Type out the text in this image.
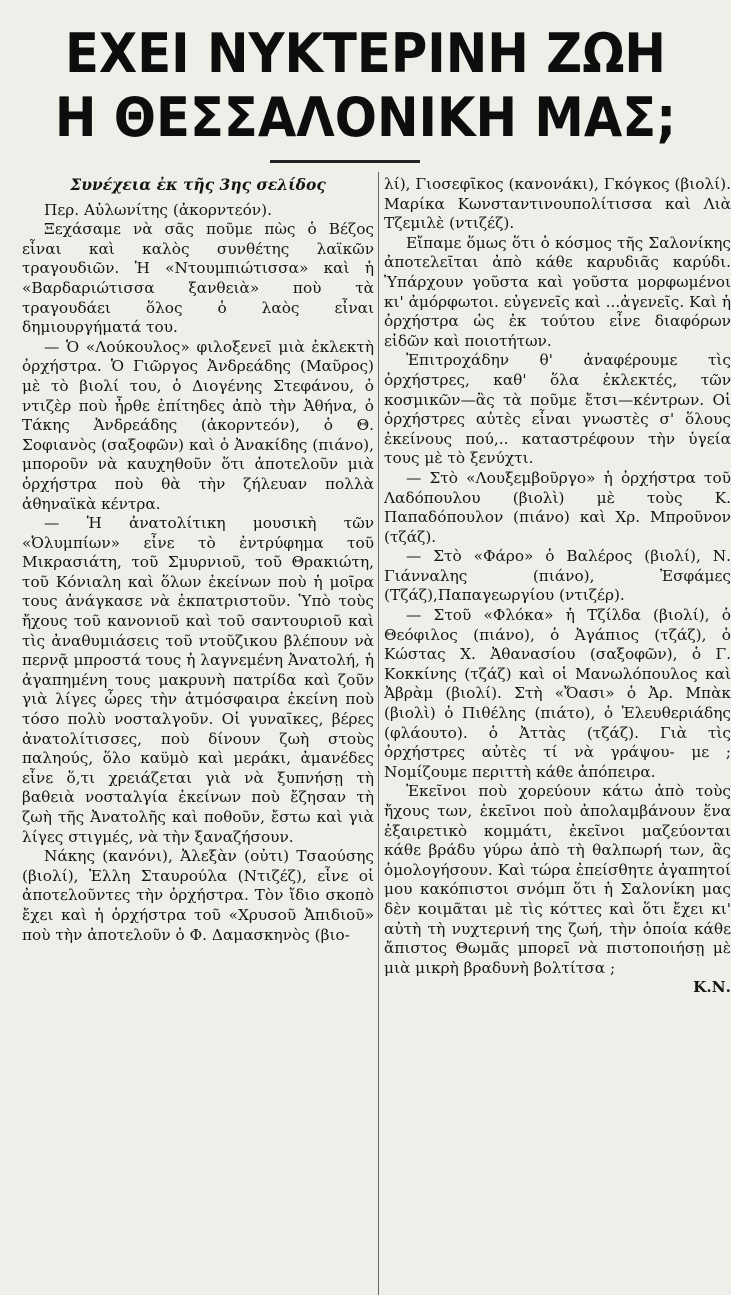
ΕΧΕΙ ΝΥΚΤΕΡΙΝΗ ΖΩΗ
Η ΘΕΣΣΑΛΟΝΙΚΗ ΜΑΣ;
Συνέχεια ἐκ τῆς 3ης σελίδος

Περ. Αὐλωνίτης (ἀκορντεόν).

Ξεχάσαμε νὰ σᾶς ποῦμε πὼς ὁ Βέζος εἶναι καὶ καλὸς συνθέτης λαϊκῶν τραγουδιῶν. Ἡ «Ντουμπιώτισσα» καὶ ἡ «Βαρδαριώτισσα ξανθειὰ» ποὺ τὰ τραγουδάει ὅλος ὁ λαὸς εἶναι δημιουργήματά του.

— Ὁ «Λούκουλος» φιλοξενεῖ μιὰ ἐκλεκτὴ ὀρχήστρα. Ὁ Γιῶργος Ἀνδρεάδης (Μαῦρος) μὲ τὸ βιολί του, ὁ Διογένης Στεφάνου, ὁ ντιζὲρ ποὺ ἦρθε ἐπίτηδες ἀπὸ τὴν Ἀθήνα, ὁ Τάκης Ἀνδρεάδης (ἀκορντεόν), ὁ Θ. Σοφιανὸς (σαξοφῶν) καὶ ὁ Ἀνακίδης (πιάνο), μποροῦν νὰ καυχηθοῦν ὅτι ἀποτελοῦν μιὰ ὀρχήστρα ποὺ θὰ τὴν ζήλευαν πολλὰ ἀθηναϊκὰ κέντρα.

— Ἡ ἀνατολίτικη μουσικὴ τῶν «Ὀλυμπίων» εἶνε τὸ ἐντρύφημα τοῦ Μικρασιάτη, τοῦ Σμυρνιοῦ, τοῦ Θρακιώτη, τοῦ Κόνιαλη καὶ ὅλων ἐκείνων ποὺ ἡ μοῖρα τους ἀνάγκασε νὰ ἐκπατριστοῦν. Ὑπὸ τοὺς ἤχους τοῦ κανονιοῦ καὶ τοῦ σαντουριοῦ καὶ τὶς ἀναθυμιάσεις τοῦ ντοῦζικου βλέπουν νὰ περνᾷ μπροστά τους ἡ λαγνεμένη Ἀνατολή, ἡ ἀγαπημένη τους μακρυνὴ πατρίδα καὶ ζοῦν γιὰ λίγες ὧρες τὴν ἀτμόσφαιρα ἐκείνη ποὺ τόσο πολὺ νοσταλγοῦν. Οἱ γυναῖκες, βέρες ἀνατολίτισσες, ποὺ δίνουν ζωὴ στοὺς παληούς, ὅλο καϋμὸ καὶ μεράκι, ἀμανέδες εἶνε ὅ,τι χρειάζεται γιὰ νὰ ξυπνήσῃ τὴ βαθειὰ νοσταλγία ἐκείνων ποὺ ἔζησαν τὴ ζωὴ τῆς Ἀνατολῆς καὶ ποθοῦν, ἔστω καὶ γιὰ λίγες στιγμές, νὰ τὴν ξαναζήσουν.

Νάκης (κανόνι), Ἀλεξὰν (οὐτι) Τσαούσης (βιολί), Ἑλλη Σταυρούλα (Ντιζέζ), εἶνε οἱ ἀποτελοῦντες τὴν ὀρχήστρα. Τὸν ἴδιο σκοπὸ ἔχει καὶ ἡ ὀρχήστρα τοῦ «Χρυσοῦ Ἀπιδιοῦ» ποὺ τὴν ἀποτελοῦν ὁ Φ. Δαμασκηνὸς (βιο-

λί), Γιοσεφῖκος (κανονάκι), Γκόγκος (βιολί). Μαρίκα Κωνσταντινουπολίτισσα καὶ Λιὰ Τζεμιλὲ (ντιζέζ).

Εἴπαμε ὅμως ὅτι ὁ κόσμος τῆς Σαλονίκης ἀποτελεῖται ἀπὸ κάθε καρυδιᾶς καρύδι. Ὑπάρχουν γοῦστα καὶ γοῦστα μορφωμένοι κι' ἀμόρφωτοι. εὐγενεῖς καὶ ...ἀγενεῖς. Καὶ ἡ ὀρχήστρα ὡς ἐκ τούτου εἶνε διαφόρων εἰδῶν καὶ ποιοτήτων.

Ἐπιτροχάδην θ' ἀναφέρουμε τὶς ὀρχήστρες, καθ' ὅλα ἐκλεκτές, τῶν κοσμικῶν—ἂς τὰ ποῦμε ἔτσι—κέντρων. Οἱ ὀρχήστρες αὐτὲς εἶναι γνωστὲς σ' ὅλους ἐκείνους πού,.. καταστρέφουν τὴν ὑγεία τους μὲ τὸ ξενύχτι.

— Στὸ «Λουξεμβοῦργο» ἡ ὀρχήστρα τοῦ Λαδόπουλου (βιολὶ) μὲ τοὺς Κ. Παπαδόπουλον (πιάνο) καὶ Χρ. Μπροῦνον (τζάζ).

— Στὸ «Φάρο» ὁ Βαλέρος (βιολί), Ν. Γιάνναλης (πιάνο), Ἐσφάμες (Τζάζ),Παπαγεωργίου (ντιζέρ).

— Στοῦ «Φλόκα» ἡ Τζίλδα (βιολί), ὁ Θεόφιλος (πιάνο), ὁ Ἀγάπιος (τζάζ), ὁ Κώστας Χ. Ἀθανασίου (σαξοφῶν), ὁ Γ. Κοκκίνης (τζάζ) καὶ οἱ Μανωλόπουλος καὶ Ἀβρὰμ (βιολί). Στὴ «Ὄασι» ὁ Ἀρ. Μπὰκ (βιολὶ) ὁ Πιθέλης (πιάτο), ὁ Ἐλευθεριάδης (φλάουτο). ὁ Ἀττὰς (τζάζ). Γιὰ τὶς ὀρχήστρες αὐτὲς τί νὰ γράψου- με ; Νομίζουμε περιττὴ κάθε ἀπόπειρα.

Ἐκεῖνοι ποὺ χορεύουν κάτω ἀπὸ τοὺς ἤχους των, ἐκεῖνοι ποὺ ἀπολαμβάνουν ἕνα ἐξαιρετικὸ κομμάτι, ἐκεῖνοι μαζεύονται κάθε βράδυ γύρω ἀπὸ τὴ θαλπωρή των, ἂς ὁμολογήσουν. Καὶ τώρα ἐπείσθητε ἀγαπητοί μου κακόπιστοι σνόμπ ὅτι ἡ Σαλονίκη μας δὲν κοιμᾶται μὲ τὶς κόττες καὶ ὅτι ἔχει κι' αὐτὴ τὴ νυχτερινή της ζωή, τὴν ὁποία κάθε ἄπιστος Θωμᾶς μπορεῖ νὰ πιστοποιήσῃ μὲ μιὰ μικρὴ βραδυνὴ βολτίτσα ;

Κ.Ν.
